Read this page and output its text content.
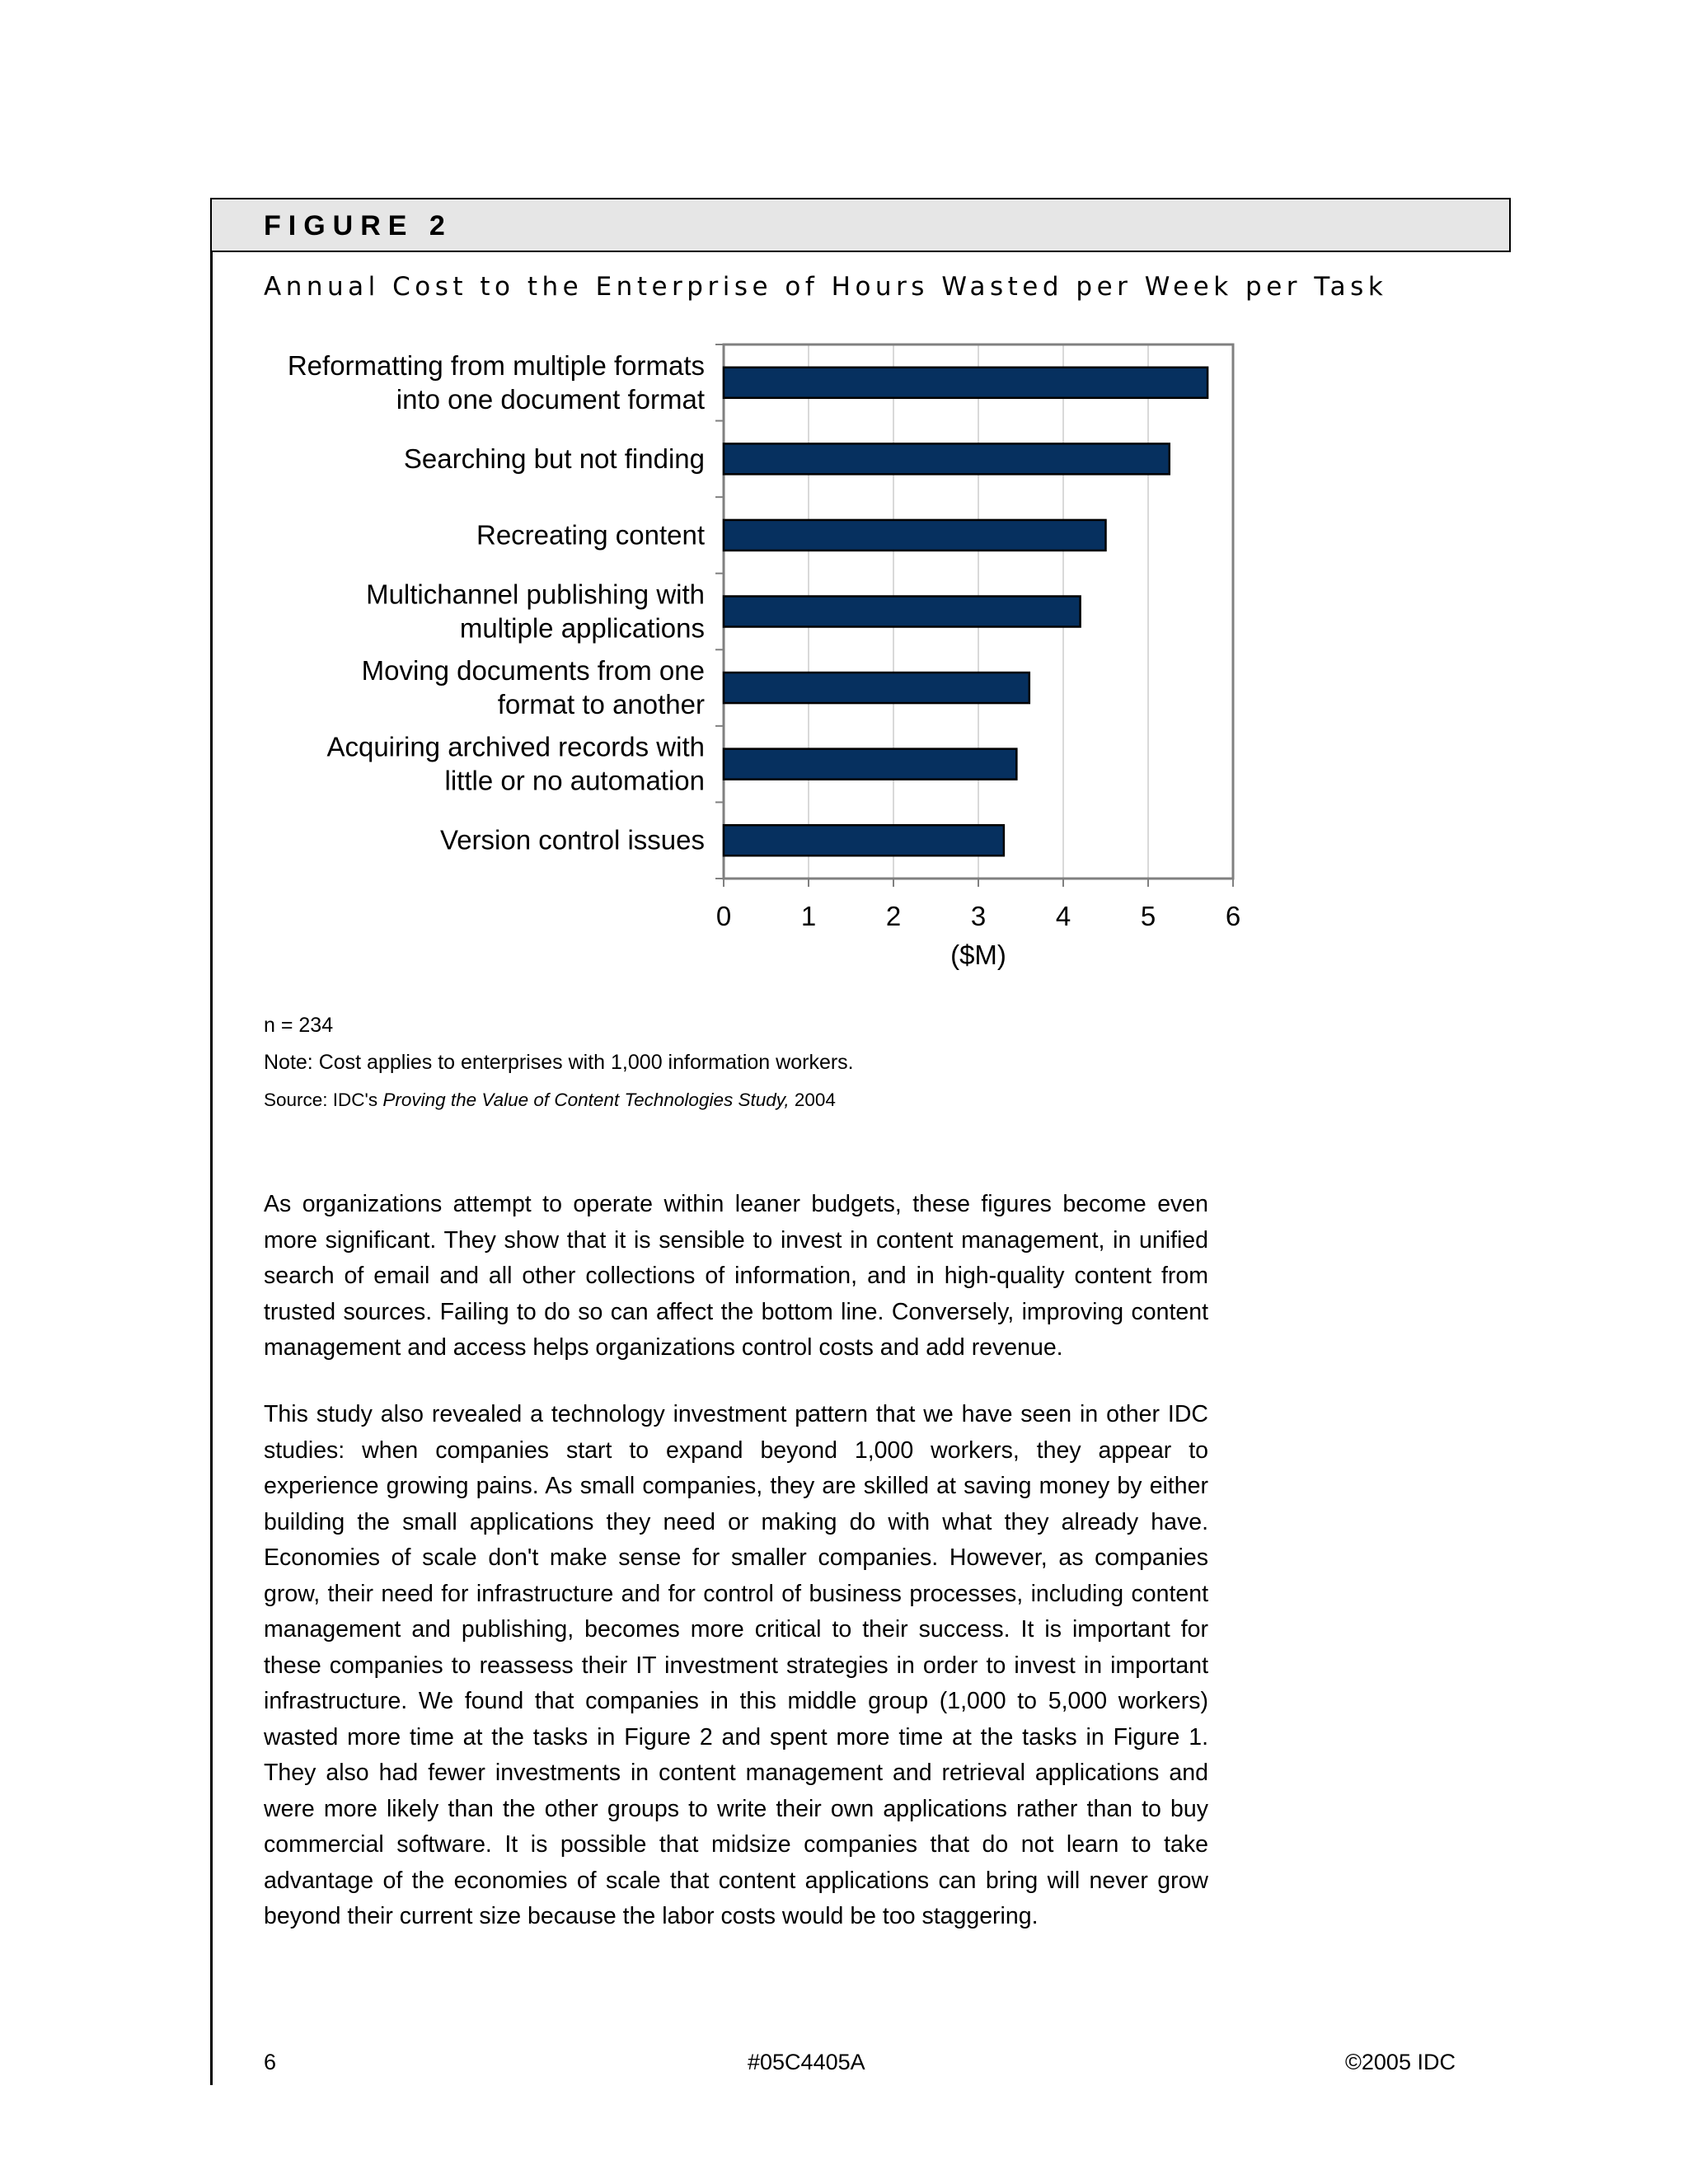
FIGURE 2
Annual Cost to the Enterprise of Hours Wasted per Week per Task
Reformatting from multiple formats
into one document format
Searching but not finding
Recreating content
Multichannel publishing with
multiple applications
Moving documents from one
format to another
Acquiring archived records with
little or no automation
Version control issues
0	1	2	3	4	5	6
($M)
n = 234
Note: Cost applies to enterprises with 1,000 information workers.
Source: IDC's Proving the Value of Content Technologies Study, 2004

As organizations attempt to operate within leaner budgets, these figures become even more significant. They show that it is sensible to invest in content management, in unified search of email and all other collections of information, and in high-quality content from trusted sources. Failing to do so can affect the bottom line. Conversely, improving content management and access helps organizations control costs and add revenue.

This study also revealed a technology investment pattern that we have seen in other IDC studies: when companies start to expand beyond 1,000 workers, they appear to experience growing pains. As small companies, they are skilled at saving money by either building the small applications they need or making do with what they already have. Economies of scale don't make sense for smaller companies. However, as companies grow, their need for infrastructure and for control of business processes, including content management and publishing, becomes more critical to their success. It is important for these companies to reassess their IT investment strategies in order to invest in important infrastructure. We found that companies in this middle group (1,000 to 5,000 workers) wasted more time at the tasks in Figure 2 and spent more time at the tasks in Figure 1. They also had fewer investments in content management and retrieval applications and were more likely than the other groups to write their own applications rather than to buy commercial software. It is possible that midsize companies that do not learn to take advantage of the economies of scale that content applications can bring will never grow beyond their current size because the labor costs would be too staggering.

6	#05C4405A	©2005 IDC
